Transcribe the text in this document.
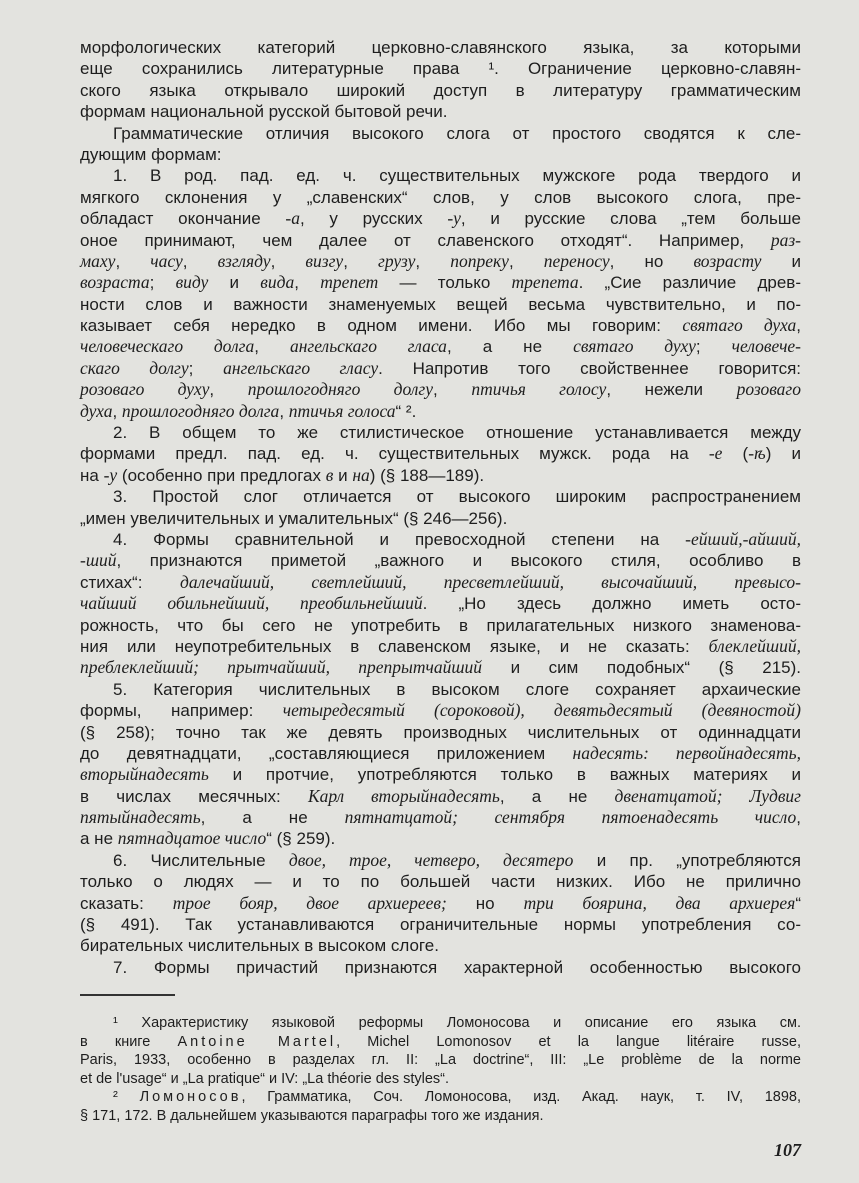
морфологических категорий церковно-славянского языка, за которыми
еще сохранились литературные права ¹. Ограничение церковно-славян-
ского языка открывало широкий доступ в литературу грамматическим
формам национальной русской бытовой речи.
Грамматические отличия высокого слога от простого сводятся к сле-
дующим формам:
1. В род. пад. ед. ч. существительных мужскоге рода твердого и
мягкого склонения у „славенских“ слов, у слов высокого слога, пре-
обладаст окончание -а, у русских -у, и русские слова „тем больше
оное принимают, чем далее от славенского отходят“. Например, раз-
маху, часу, взгляду, визгу, грузу, попреку, переносу, но возрасту и
возраста; виду и вида, трепет — только трепета. „Сие различие древ-
ности слов и важности знаменуемых вещей весьма чувствительно, и по-
казывает себя нередко в одном имени. Ибо мы говорим: святаго духа,
человеческаго долга, ангельскаго гласа, а не святаго духу; человече-
скаго долгу; ангельскаго гласу. Напротив того свойственнее говорится:
розоваго духу, прошлогодняго долгу, птичья голосу, нежели розоваго
духа, прошлогодняго долга, птичья голоса“ ².
2. В общем то же стилистическое отношение устанавливается между
формами предл. пад. ед. ч. существительных мужск. рода на -е (-ѣ) и
на -у (особенно при предлогах в и на) (§ 188—189).
3. Простой слог отличается от высокого широким распространением
„имен увеличительных и умалительных“ (§ 246—256).
4. Формы сравнительной и превосходной степени на -ейший,-айший,
-ший, признаются приметой „важного и высокого стиля, особливо в
стихах“: далечайший, светлейший, пресветлейший, высочайший, превысо-
чайший обильнейший, преобильнейший. „Но здесь должно иметь осто-
рожность, что бы сего не употребить в прилагательных низкого знаменова-
ния или неупотребительных в славенском языке, и не сказать: блеклейший,
преблеклейший; прытчайший, препрытчайший и сим подобных“ (§ 215).
5. Категория числительных в высоком слоге сохраняет архаические
формы, например: четыредесятый (сороковой), девятьдесятый (девяностой)
(§ 258); точно так же девять производных числительных от одиннадцати
до девятнадцати, „составляющиеся приложением надесять: первойнадесять,
вторыйнадесять и протчие, употребляются только в важных материях и
в числах месячных: Карл вторыйнадесять, а не двенатцатой; Лудвиг
пятыйнадесять, а не пятнатцатой; сентября пятоенадесять число,
а не пятнадцатое число“ (§ 259).
6. Числительные двое, трое, четверо, десятеро и пр. „употребляются
только о людях — и то по большей части низких. Ибо не прилично
сказать: трое бояр, двое архиереев; но три боярина, два архиерея“
(§ 491). Так устанавливаются ограничительные нормы употребления со-
бирательных числительных в высоком слоге.
7. Формы причастий признаются характерной особенностью высокого
¹ Характеристику языковой реформы Ломоносова и описание его языка см.
в книге Antoine Martel, Michel Lomonosov et la langue litéraire russe,
Paris, 1933, особенно в разделах гл. II: „La doctrine“, III: „Le problème de la norme
et de l'usage“ и „La pratique“ и IV: „La théorie des styles“.
² Ломоносов, Грамматика, Соч. Ломоносова, изд. Акад. наук, т. IV, 1898,
§ 171, 172. В дальнейшем указываются параграфы того же издания.
107
